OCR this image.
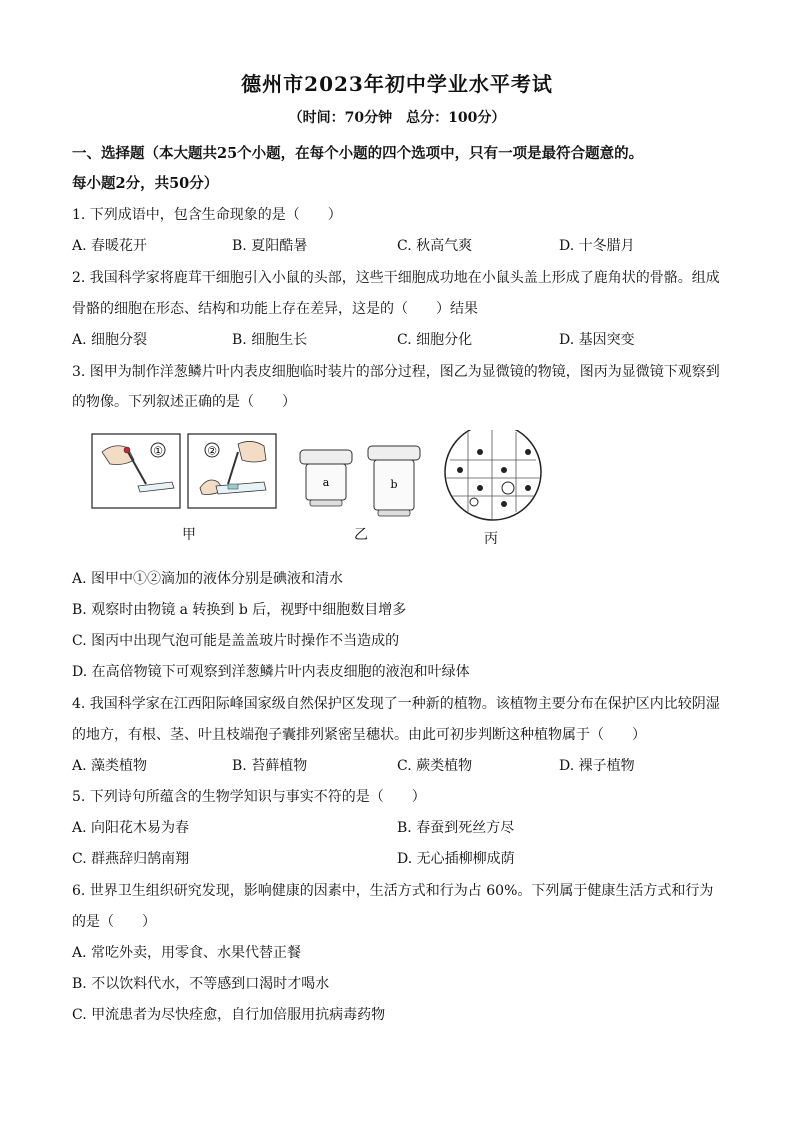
德州市2023年初中学业水平考试
（时间：70分钟　总分：100分）
一、选择题（本大题共25个小题，在每个小题的四个选项中，只有一项是最符合题意的。
每小题2分，共50分）
1. 下列成语中，包含生命现象的是（　　）
A. 春暖花开	B. 夏阳酷暑	C. 秋高气爽	D. 十冬腊月
2. 我国科学家将鹿茸干细胞引入小鼠的头部，这些干细胞成功地在小鼠头盖上形成了鹿角状的骨骼。组成
骨骼的细胞在形态、结构和功能上存在差异，这是的（　　）结果
A. 细胞分裂	B. 细胞生长	C. 细胞分化	D. 基因突变
3. 图甲为制作洋葱鳞片叶内表皮细胞临时装片的部分过程，图乙为显微镜的物镜，图丙为显微镜下观察到
的物像。下列叙述正确的是（　　）
①	②
a	b
甲	乙	丙
A. 图甲中①②滴加的液体分别是碘液和清水
B. 观察时由物镜 a 转换到 b 后，视野中细胞数目增多
C. 图丙中出现气泡可能是盖盖玻片时操作不当造成的
D. 在高倍物镜下可观察到洋葱鳞片叶内表皮细胞的液泡和叶绿体
4. 我国科学家在江西阳际峰国家级自然保护区发现了一种新的植物。该植物主要分布在保护区内比较阴湿
的地方，有根、茎、叶且枝端孢子囊排列紧密呈穗状。由此可初步判断这种植物属于（　　）
A. 藻类植物	B. 苔藓植物	C. 蕨类植物	D. 裸子植物
5. 下列诗句所蕴含的生物学知识与事实不符的是（　　）
A. 向阳花木易为春	B. 春蚕到死丝方尽
C. 群燕辞归鹄南翔	D. 无心插柳柳成荫
6. 世界卫生组织研究发现，影响健康的因素中，生活方式和行为占 60%。下列属于健康生活方式和行为
的是（　　）
A. 常吃外卖，用零食、水果代替正餐
B. 不以饮料代水，不等感到口渴时才喝水
C. 甲流患者为尽快痊愈，自行加倍服用抗病毒药物
